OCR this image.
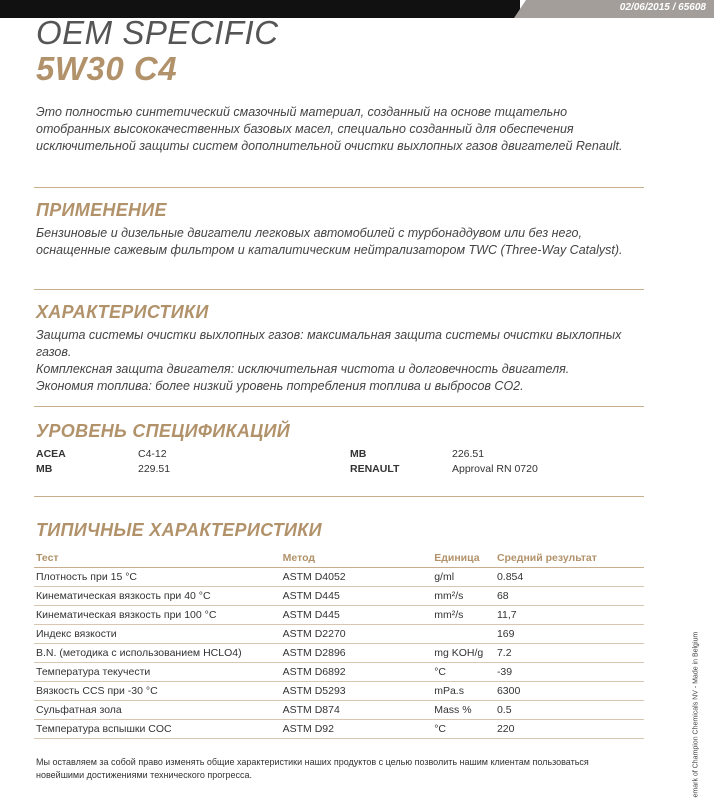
02/06/2015 / 65608
OEM SPECIFIC
5W30 C4

Это полностью синтетический смазочный материал, созданный на основе тщательно отобранных высококачественных базовых масел, специально созданный для обеспечения исключительной защиты систем дополнительной очистки выхлопных газов двигателей Renault.

ПРИМЕНЕНИЕ

Бензиновые и дизельные двигатели легковых автомобилей с турбонаддувом или без него, оснащенные сажевым фильтром и каталитическим нейтрализатором TWC (Three-Way Catalyst).

ХАРАКТЕРИСТИКИ

Защита системы очистки выхлопных газов: максимальная защита системы очистки выхлопных газов.

Комплексная защита двигателя: исключительная чистота и долговечность двигателя.

Экономия топлива: более низкий уровень потребления топлива и выбросов CO2.

УРОВЕНЬ СПЕЦИФИКАЦИЙ
ACEA	C4-12
MB	229.51
MB	226.51
RENAULT	Approval RN 0720
ТИПИЧНЫЕ ХАРАКТЕРИСТИКИ
Тест	Метод	Единица	Средний результат
Плотность при 15 °C	ASTM D4052	g/ml	0.854
Кинематическая вязкость при 40 °C	ASTM D445	mm²/s	68
Кинематическая вязкость при 100 °C	ASTM D445	mm²/s	11,7
Индекс вязкости	ASTM D2270		169
B.N. (методика с использованием HCLO4)	ASTM D2896	mg KOH/g	7.2
Температура текучести	ASTM D6892	°C	-39
Вязкость CCS при -30 °C	ASTM D5293	mPa.s	6300
Сульфатная зола	ASTM D874	Mass %	0.5
Температура вспышки COC	ASTM D92	°C	220
Мы оставляем за собой право изменять общие характеристики наших продуктов с целью позволить нашим клиентам пользоваться новейшими достижениями технического прогресса.	emark of Champion Chemicals NV - Made in Belgium
